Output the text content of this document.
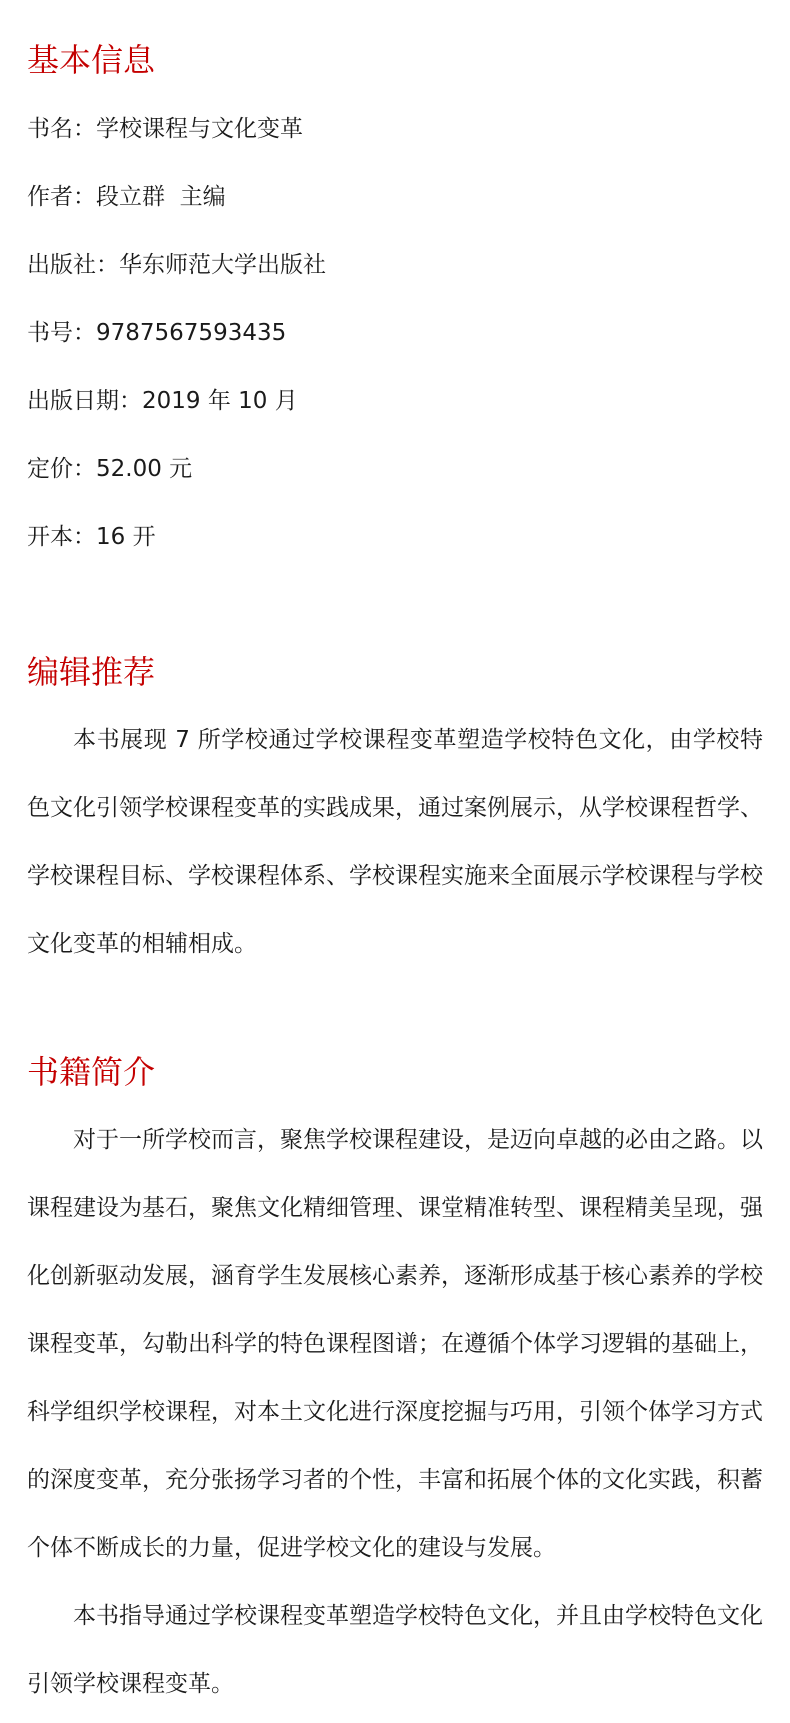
基本信息

书名：学校课程与文化变革

作者：段立群  主编

出版社：华东师范大学出版社

书号：9787567593435

出版日期：2019 年 10 月

定价：52.00 元

开本：16 开

编辑推荐

本书展现 7 所学校通过学校课程变革塑造学校特色文化，由学校特色文化引领学校课程变革的实践成果，通过案例展示，从学校课程哲学、学校课程目标、学校课程体系、学校课程实施来全面展示学校课程与学校文化变革的相辅相成。

书籍简介

对于一所学校而言，聚焦学校课程建设，是迈向卓越的必由之路。以课程建设为基石，聚焦文化精细管理、课堂精准转型、课程精美呈现，强化创新驱动发展，涵育学生发展核心素养，逐渐形成基于核心素养的学校课程变革，勾勒出科学的特色课程图谱；在遵循个体学习逻辑的基础上，科学组织学校课程，对本土文化进行深度挖掘与巧用，引领个体学习方式的深度变革，充分张扬学习者的个性，丰富和拓展个体的文化实践，积蓄个体不断成长的力量，促进学校文化的建设与发展。

本书指导通过学校课程变革塑造学校特色文化，并且由学校特色文化引领学校课程变革。
